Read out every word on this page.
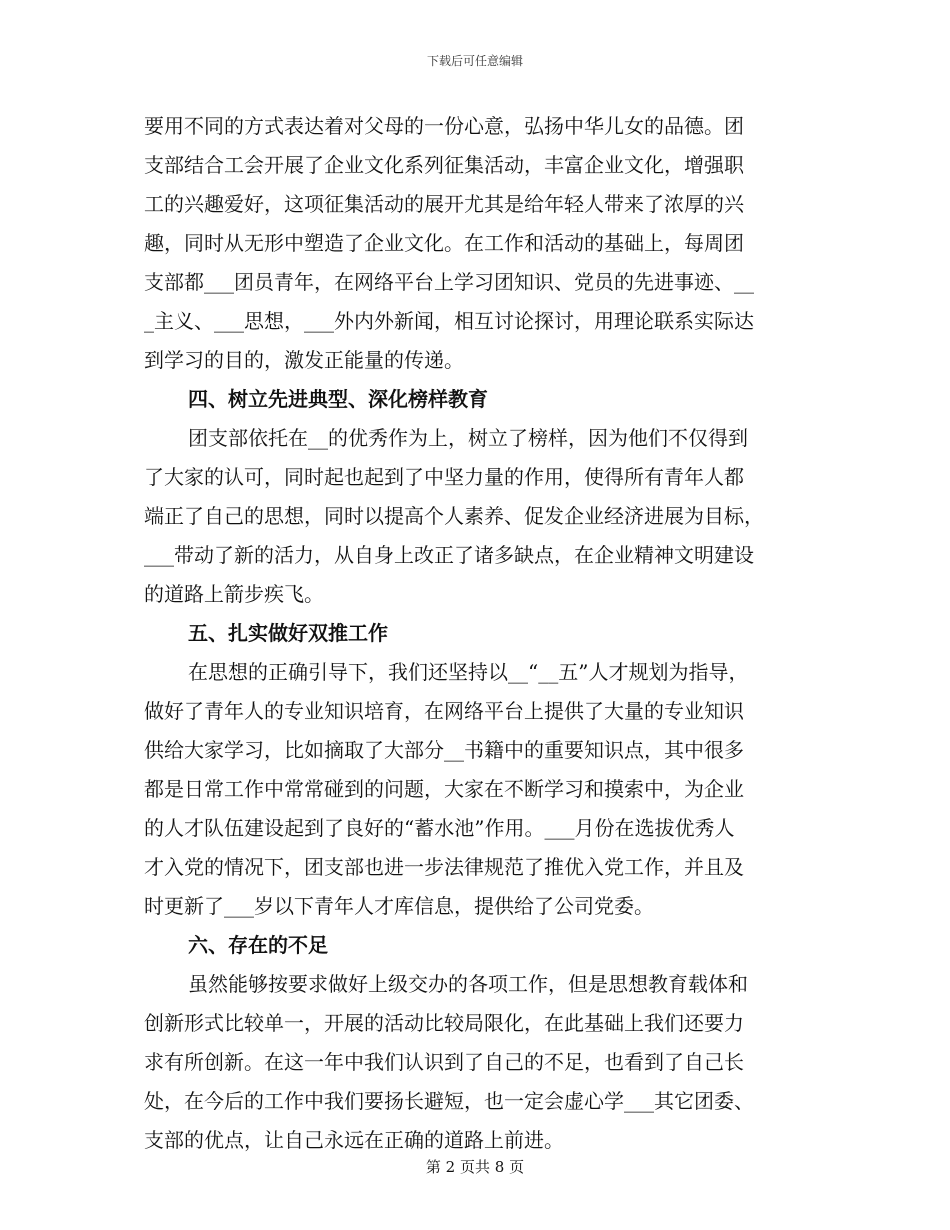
下载后可任意编辑
要用不同的方式表达着对父母的一份心意，弘扬中华儿女的品德。团
支部结合工会开展了企业文化系列征集活动，丰富企业文化，增强职
工的兴趣爱好，这项征集活动的展开尤其是给年轻人带来了浓厚的兴
趣，同时从无形中塑造了企业文化。在工作和活动的基础上，每周团
支部都___团员青年，在网络平台上学习团知识、党员的先进事迹、__
_主义、___思想，___外内外新闻，相互讨论探讨，用理论联系实际达
到学习的目的，激发正能量的传递。
四、树立先进典型、深化榜样教育
团支部依托在__的优秀作为上，树立了榜样，因为他们不仅得到
了大家的认可，同时起也起到了中坚力量的作用，使得所有青年人都
端正了自己的思想，同时以提高个人素养、促发企业经济进展为目标，
___带动了新的活力，从自身上改正了诸多缺点，在企业精神文明建设
的道路上箭步疾飞。
五、扎实做好双推工作
在思想的正确引导下，我们还坚持以__“__五”人才规划为指导，
做好了青年人的专业知识培育，在网络平台上提供了大量的专业知识
供给大家学习，比如摘取了大部分__书籍中的重要知识点，其中很多
都是日常工作中常常碰到的问题，大家在不断学习和摸索中，为企业
的人才队伍建设起到了良好的“蓄水池”作用。___月份在选拔优秀人
才入党的情况下，团支部也进一步法律规范了推优入党工作，并且及
时更新了___岁以下青年人才库信息，提供给了公司党委。
六、存在的不足
虽然能够按要求做好上级交办的各项工作，但是思想教育载体和
创新形式比较单一，开展的活动比较局限化，在此基础上我们还要力
求有所创新。在这一年中我们认识到了自己的不足，也看到了自己长
处，在今后的工作中我们要扬长避短，也一定会虚心学___其它团委、
支部的优点，让自己永远在正确的道路上前进。
第 2 页共 8 页
